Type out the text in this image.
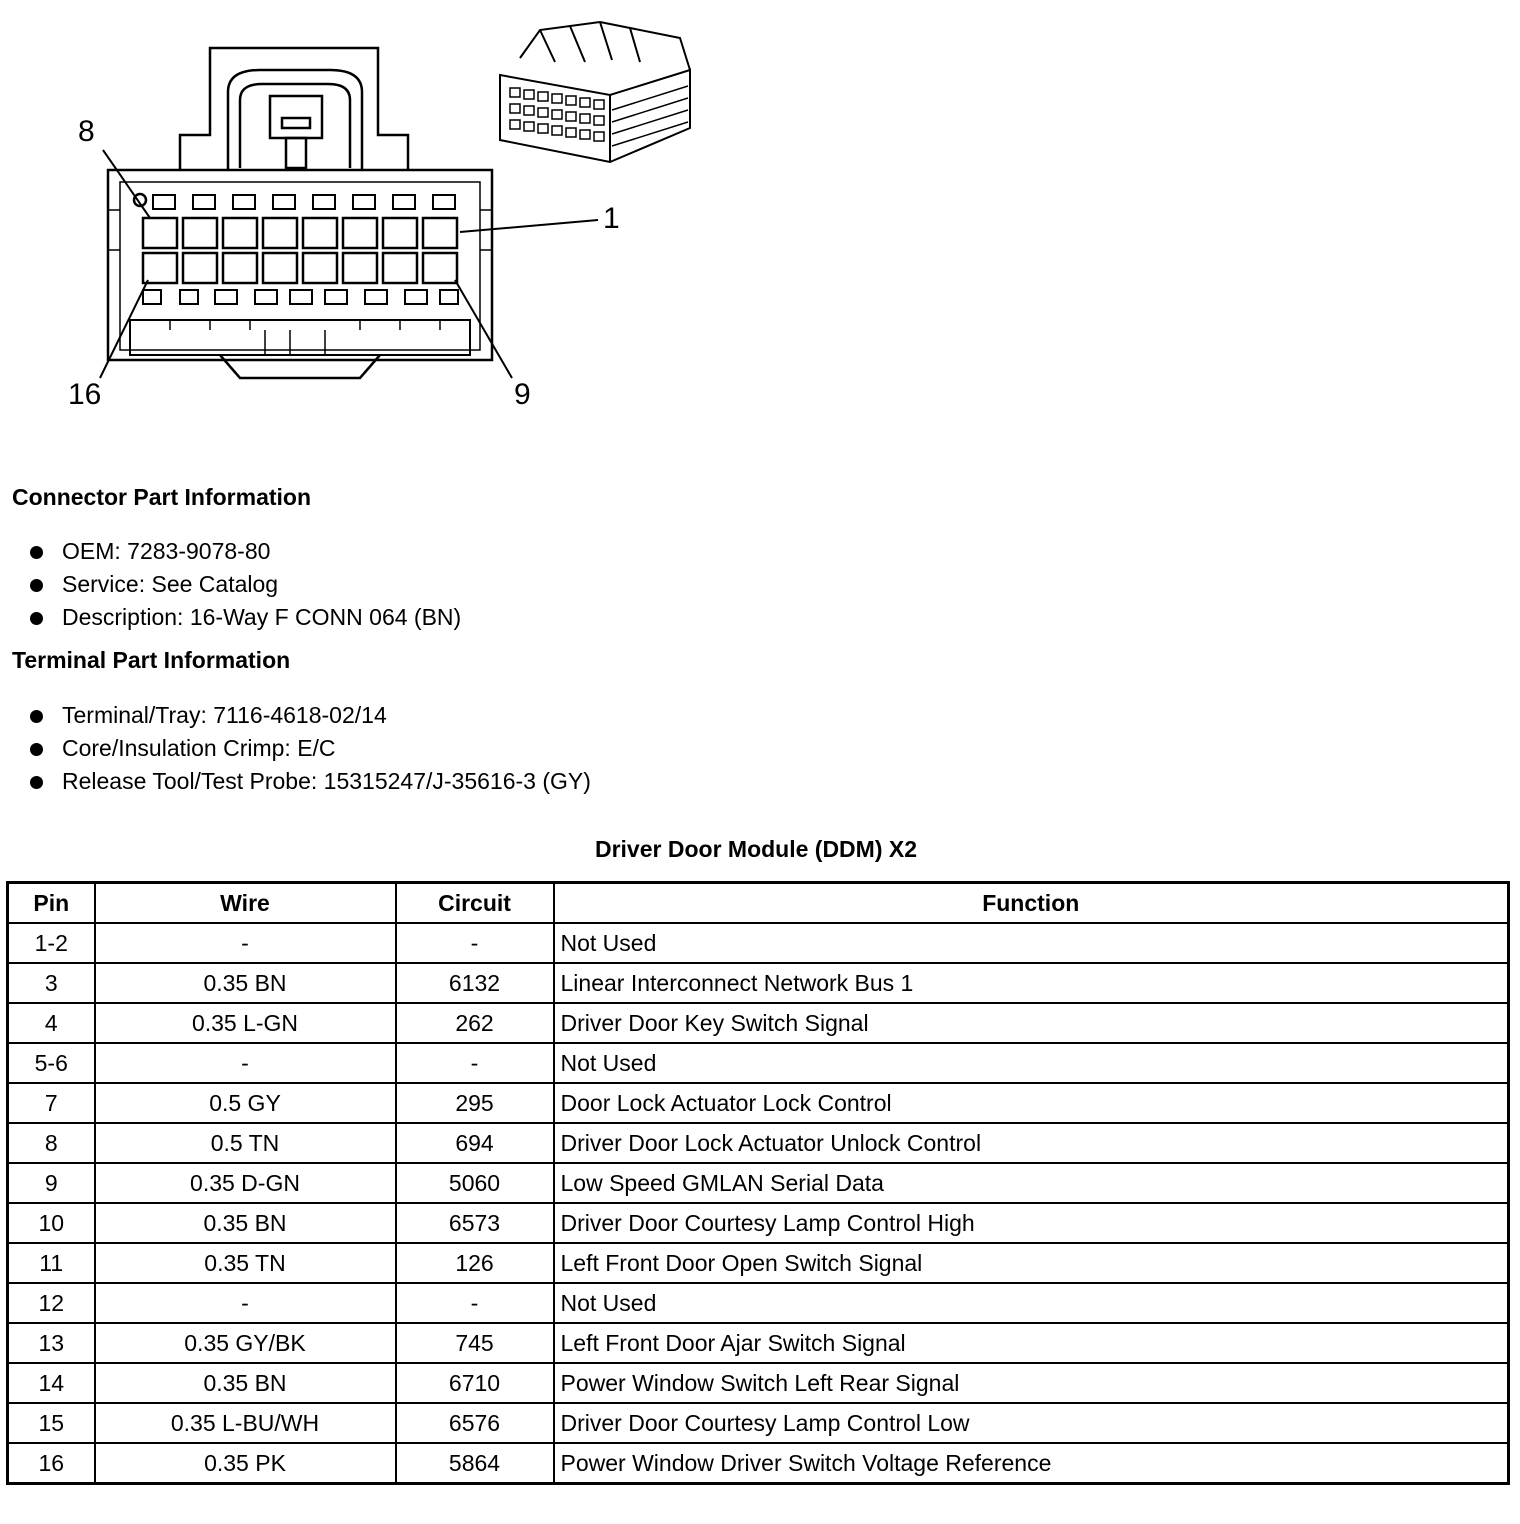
8
1
16	9
Connector Part Information
OEM: 7283-9078-80
Service: See Catalog
Description: 16-Way F CONN 064 (BN)
Terminal Part Information
Terminal/Tray: 7116-4618-02/14
Core/Insulation Crimp: E/C
Release Tool/Test Probe: 15315247/J-35616-3 (GY)
Driver Door Module (DDM) X2
Pin	Wire	Circuit	Function
1-2	-	-	Not Used
3	0.35 BN	6132	Linear Interconnect Network Bus 1
4	0.35 L-GN	262	Driver Door Key Switch Signal
5-6	-	-	Not Used
7	0.5 GY	295	Door Lock Actuator Lock Control
8	0.5 TN	694	Driver Door Lock Actuator Unlock Control
9	0.35 D-GN	5060	Low Speed GMLAN Serial Data
10	0.35 BN	6573	Driver Door Courtesy Lamp Control High
11	0.35 TN	126	Left Front Door Open Switch Signal
12	-	-	Not Used
13	0.35 GY/BK	745	Left Front Door Ajar Switch Signal
14	0.35 BN	6710	Power Window Switch Left Rear Signal
15	0.35 L-BU/WH	6576	Driver Door Courtesy Lamp Control Low
16	0.35 PK	5864	Power Window Driver Switch Voltage Reference
